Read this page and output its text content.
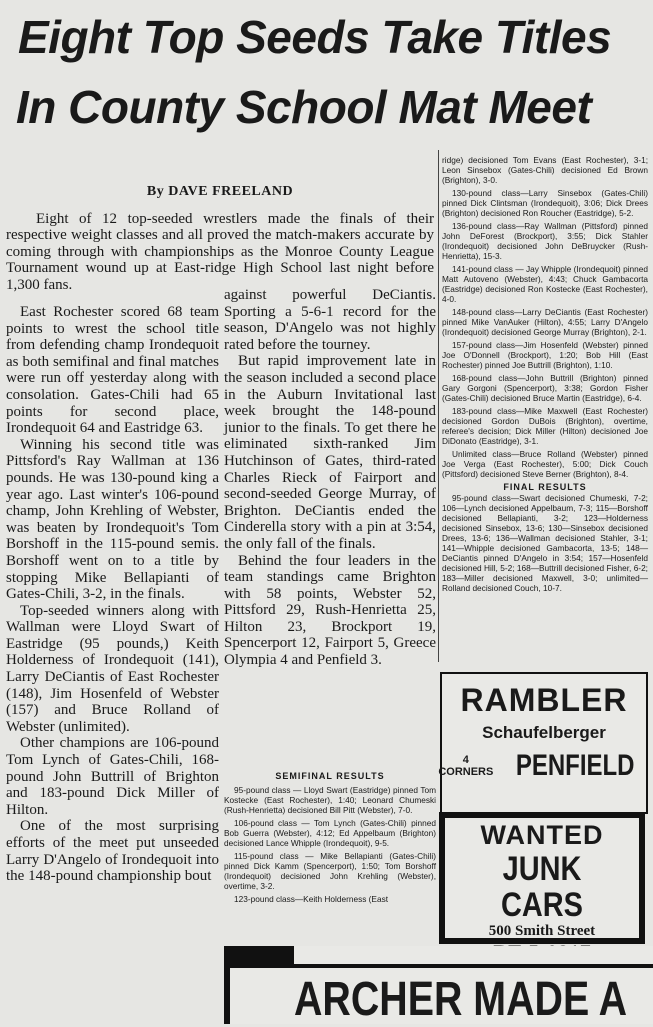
Eight Top Seeds Take Titles
In County School Mat Meet
By DAVE FREELAND

Eight of 12 top-seeded wrestlers made the finals of their respective weight classes and all proved the match-makers accurate by coming through with championships as the Monroe County League Tournament wound up at East-ridge High School last night before 1,300 fans.

East Rochester scored 68 team points to wrest the school title from defending champ Irondequoit as both semifinal and final matches were run off yesterday along with consolation. Gates-Chili had 65 points for second place, Irondequoit 64 and Eastridge 63.

Winning his second title was Pittsford's Ray Wallman at 136 pounds. He was 130-pound king a year ago. Last winter's 106-pound champ, John Krehling of Webster, was beaten by Irondequoit's Tom Borshoff in the 115-pound semis. Borshoff went on to a title by stopping Mike Bellapianti of Gates-Chili, 3-2, in the finals.

Top-seeded winners along with Wallman were Lloyd Swart of Eastridge (95 pounds,) Keith Holderness of Irondequoit (141), Larry DeCiantis of East Rochester (148), Jim Hosenfeld of Webster (157) and Bruce Rolland of Webster (unlimited).

Other champions are 106-pound Tom Lynch of Gates-Chili, 168-pound John Buttrill of Brighton and 183-pound Dick Miller of Hilton.

One of the most surprising efforts of the meet put unseeded Larry D'Angelo of Irondequoit into the 148-pound championship bout

against powerful DeCiantis. Sporting a 5-6-1 record for the season, D'Angelo was not highly rated before the tourney.

But rapid improvement late in the season included a second place in the Auburn Invitational last week brought the 148-pound junior to the finals. To get there he eliminated sixth-ranked Jim Hutchinson of Gates, third-rated Charles Rieck of Fairport and second-seeded George Murray, of Brighton. DeCiantis ended the Cinderella story with a pin at 3:54, the only fall of the finals.

Behind the four leaders in the team standings came Brighton with 58 points, Webster 52, Pittsford 29, Rush-Henrietta 25, Hilton 23, Brockport 19, Spencerport 12, Fairport 5, Greece Olympia 4 and Penfield 3.

SEMIFINAL RESULTS

95-pound class — Lloyd Swart (Eastridge) pinned Tom Kostecke (East Rochester), 1:40; Leonard Chumeski (Rush-Henrietta) decisioned Bill Pitt (Webster), 7-0.

106-pound class — Tom Lynch (Gates-Chili) pinned Bob Guerra (Webster), 4:12; Ed Appelbaum (Brighton) decisioned Lance Whipple (Irondequoit), 9-5.

115-pound class — Mike Bellapianti (Gates-Chili) pinned Dick Kamm (Spencerport), 1:50; Tom Borshoff (Irondequoit) decisioned John Krehling (Webster), overtime, 3-2.

123-pound class—Keith Holderness (East

ridge) decisioned Tom Evans (East Rochester), 3-1; Leon Sinsebox (Gates-Chili) decisioned Ed Brown (Brighton), 3-0.

130-pound class—Larry Sinsebox (Gates-Chili) pinned Dick Clintsman (Irondequoit), 3:06; Dick Drees (Brighton) decisioned Ron Roucher (Eastridge), 5-2.

136-pound class—Ray Wallman (Pittsford) pinned John DeForest (Brockport), 3:55; Dick Stahler (Irondequoit) decisioned John DeBruycker (Rush-Henrietta), 15-3.

141-pound class — Jay Whipple (Irondequoit) pinned Matt Autoveno (Webster), 4:43; Chuck Gambacorta (Eastridge) decisioned Ron Kostecke (East Rochester), 4-0.

148-pound class—Larry DeCiantis (East Rochester) pinned Mike VanAuker (Hilton), 4:55; Larry D'Angelo (Irondequoit) decisioned George Murray (Brighton), 2-1.

157-pound class—Jim Hosenfeld (Webster) pinned Joe O'Donnell (Brockport), 1:20; Bob Hill (East Rochester) pinned Joe Buttrill (Brighton), 1:10.

168-pound class—John Buttrill (Brighton) pinned Gary Gorgoni (Spencerport), 3:38; Gordon Fisher (Gates-Chili) decisioned Bruce Martin (Eastridge), 6-4.

183-pound class—Mike Maxwell (East Rochester) decisioned Gordon DuBois (Brighton), overtime, referee's decision; Dick Miller (Hilton) decisioned Joe DiDonato (Eastridge), 3-1.

Unlimited class—Bruce Rolland (Webster) pinned Joe Verga (East Rochester), 5:00; Dick Couch (Pittsford) decisioned Steve Berner (Brighton), 8-4.

FINAL RESULTS

95-pound class—Swart decisioned Chumeski, 7-2; 106—Lynch decisioned Appelbaum, 7-3; 115—Borshoff decisioned Bellapianti, 3-2; 123—Holderness decisioned Sinsebox, 13-6; 130—Sinsebox decisioned Drees, 13-6; 136—Wallman decisioned Stahler, 3-1; 141—Whipple decisioned Gambacorta, 13-5; 148—DeCiantis pinned D'Angelo in 3:54; 157—Hosenfeld decisioned Hill, 5-2; 168—Buttrill decisioned Fisher, 6-2; 183—Miller decisioned Maxwell, 3-0; unlimited—Rolland decisioned Couch, 10-7.

RAMBLER
Schaufelberger
4
CORNERS PENFIELD
WANTED
JUNK CARS
500 Smith Street
ARCHER MADE A
